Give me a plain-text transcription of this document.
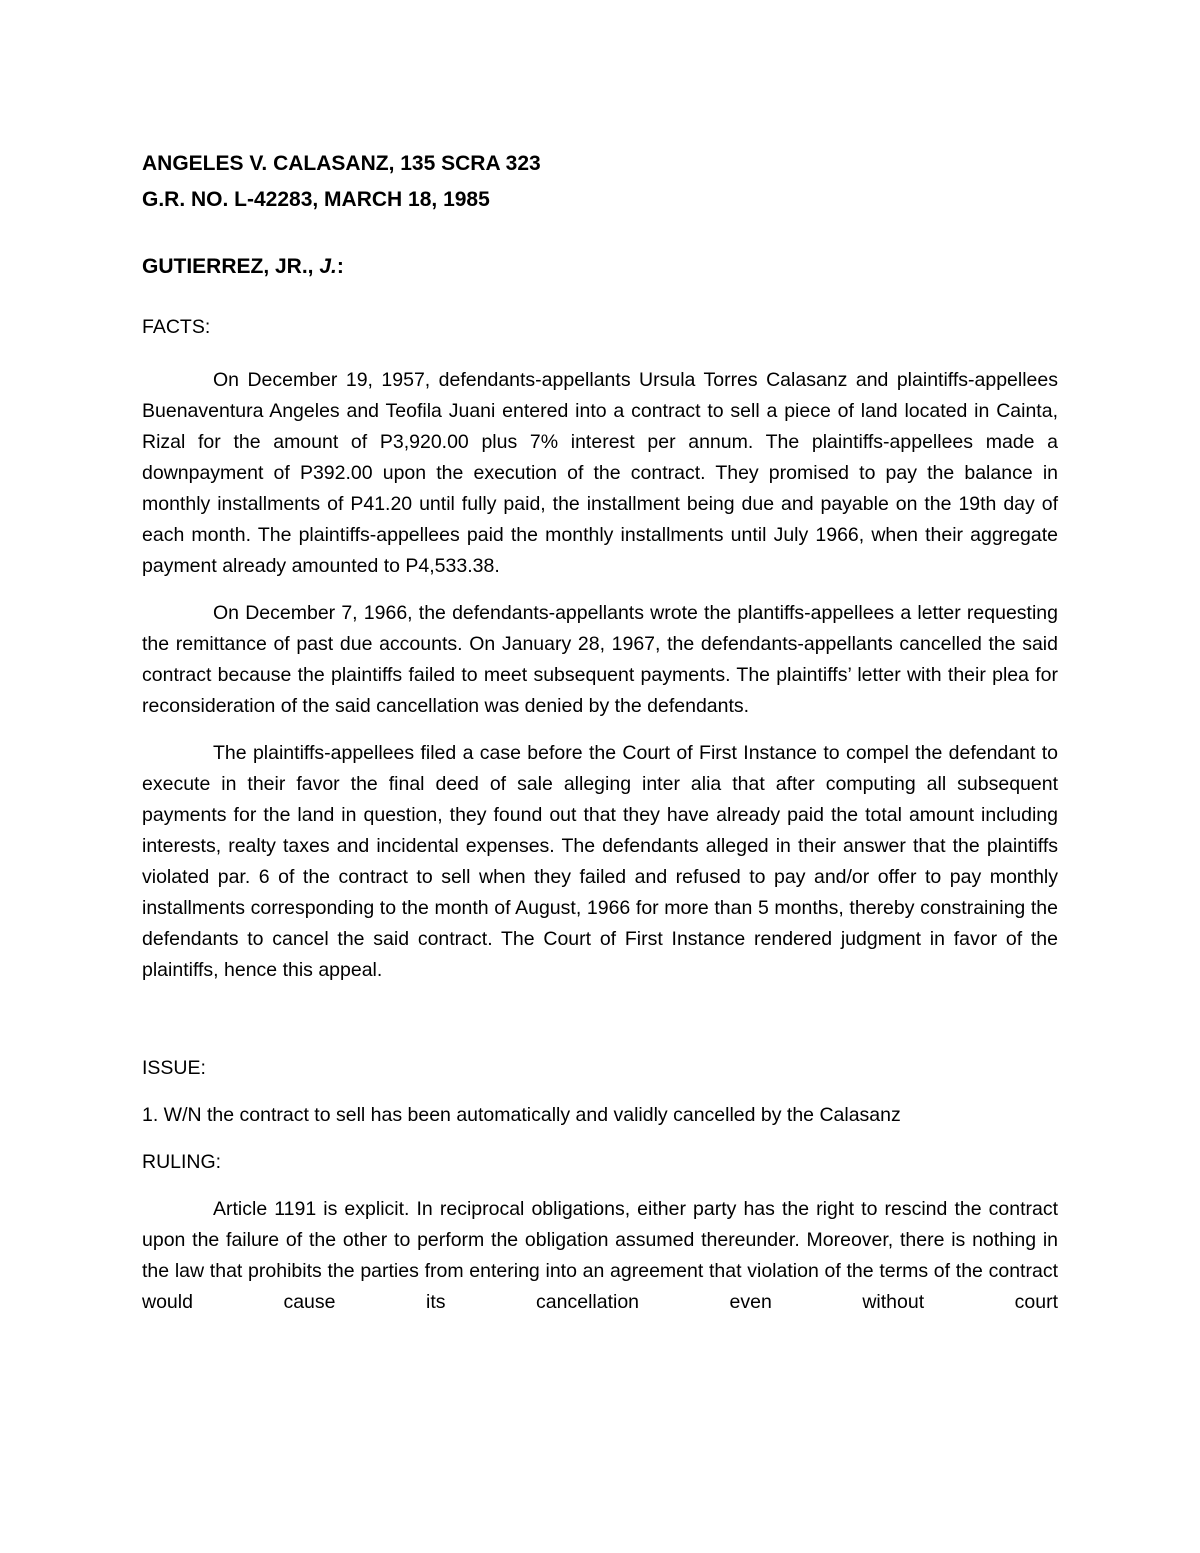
ANGELES V. CALASANZ, 135 SCRA 323

G.R. NO. L-42283, MARCH 18, 1985

GUTIERREZ, JR., J.:

FACTS:

On December 19, 1957, defendants-appellants Ursula Torres Calasanz and plaintiffs-appellees Buenaventura Angeles and Teofila Juani entered into a contract to sell a piece of land located in Cainta, Rizal for the amount of P3,920.00 plus 7% interest per annum. The plaintiffs-appellees made a downpayment of P392.00 upon the execution of the contract. They promised to pay the balance in monthly installments of P41.20 until fully paid, the installment being due and payable on the 19th day of each month. The plaintiffs-appellees paid the monthly installments until July 1966, when their aggregate payment already amounted to P4,533.38.

On December 7, 1966, the defendants-appellants wrote the plantiffs-appellees a letter requesting the remittance of past due accounts. On January 28, 1967, the defendants-appellants cancelled the said contract because the plaintiffs failed to meet subsequent payments. The plaintiffs’ letter with their plea for reconsideration of the said cancellation was denied by the defendants.

The plaintiffs-appellees filed a case before the Court of First Instance to compel the defendant to execute in their favor the final deed of sale alleging inter alia that after computing all subsequent payments for the land in question, they found out that they have already paid the total amount including interests, realty taxes and incidental expenses. The defendants alleged in their answer that the plaintiffs violated par. 6 of the contract to sell when they failed and refused to pay and/or offer to pay monthly installments corresponding to the month of August, 1966 for more than 5 months, thereby constraining the defendants to cancel the said contract. The Court of First Instance rendered judgment in favor of the plaintiffs, hence this appeal.

ISSUE:

1. W/N the contract to sell has been automatically and validly cancelled by the Calasanz

RULING:

Article 1191 is explicit. In reciprocal obligations, either party has the right to rescind the contract upon the failure of the other to perform the obligation assumed thereunder. Moreover, there is nothing in the law that prohibits the parties from entering into an agreement that violation of the terms of the contract would cause its cancellation even without court
